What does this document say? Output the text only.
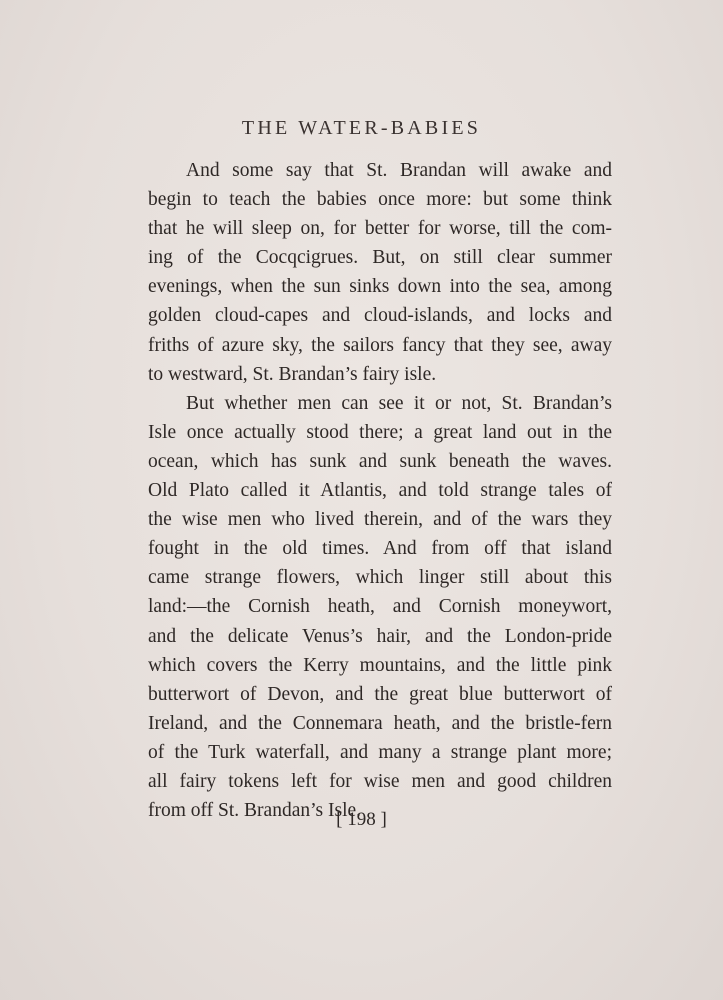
THE WATER-BABIES
And some say that St. Brandan will awake and
begin to teach the babies once more: but some think
that he will sleep on, for better for worse, till the com-
ing of the Cocqcigrues. But, on still clear summer
evenings, when the sun sinks down into the sea, among
golden cloud-capes and cloud-islands, and locks and
friths of azure sky, the sailors fancy that they see, away
to westward, St. Brandan’s fairy isle.
But whether men can see it or not, St. Brandan’s
Isle once actually stood there; a great land out in the
ocean, which has sunk and sunk beneath the waves.
Old Plato called it Atlantis, and told strange tales of
the wise men who lived therein, and of the wars they
fought in the old times. And from off that island
came strange flowers, which linger still about this
land:—the Cornish heath, and Cornish moneywort,
and the delicate Venus’s hair, and the London-pride
which covers the Kerry mountains, and the little pink
butterwort of Devon, and the great blue butterwort of
Ireland, and the Connemara heath, and the bristle-fern
of the Turk waterfall, and many a strange plant more;
all fairy tokens left for wise men and good children
from off St. Brandan’s Isle.
[ 198 ]
